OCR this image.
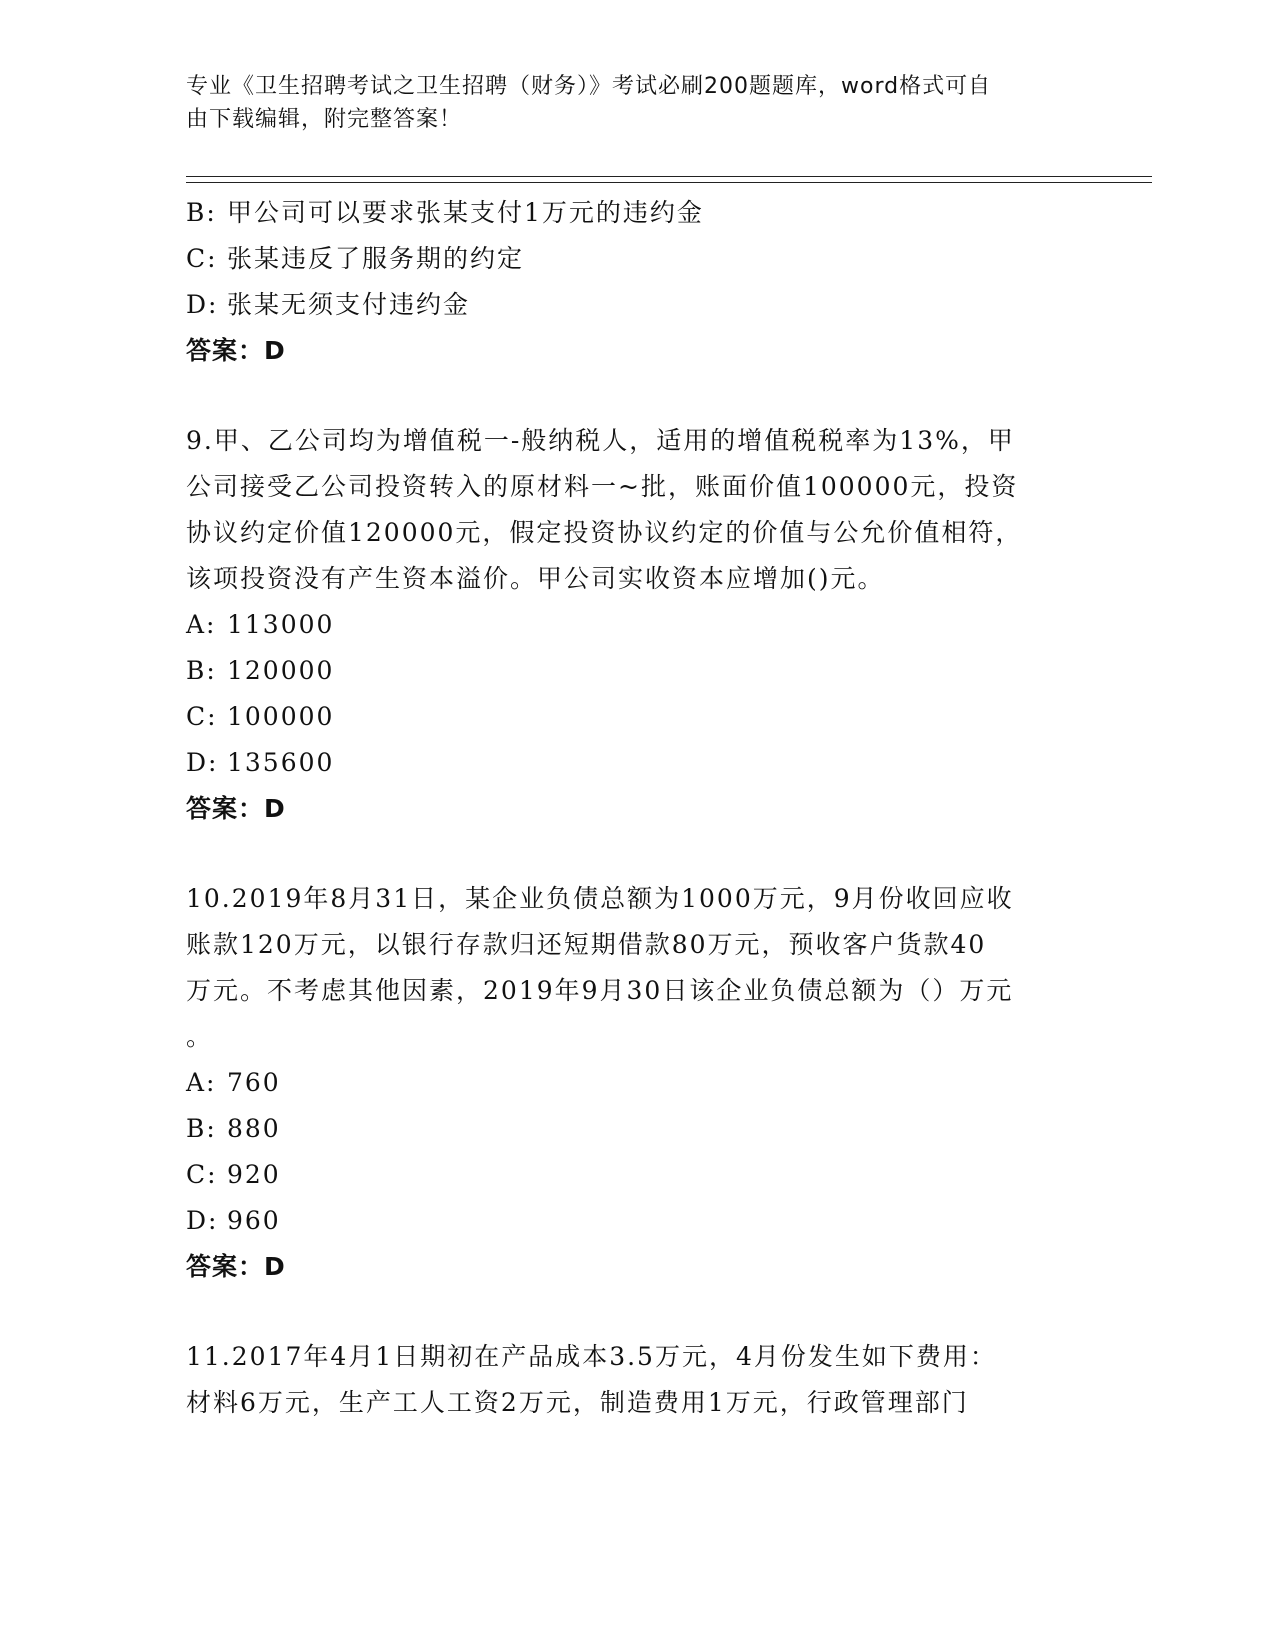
专业《卫生招聘考试之卫生招聘（财务）》考试必刷200题题库，word格式可自
由下载编辑，附完整答案！
B: 甲公司可以要求张某支付1万元的违约金
C: 张某违反了服务期的约定
D: 张某无须支付违约金
答案：D
9.甲、乙公司均为增值税一-般纳税人，适用的增值税税率为13%，甲
公司接受乙公司投资转入的原材料一~批，账面价值100000元，投资
协议约定价值120000元，假定投资协议约定的价值与公允价值相符，
该项投资没有产生资本溢价。甲公司实收资本应增加()元。
A: 113000
B: 120000
C: 100000
D: 135600
答案：D
10.2019年8月31日，某企业负债总额为1000万元，9月份收回应收
账款120万元，以银行存款归还短期借款80万元，预收客户货款40
万元。不考虑其他因素，2019年9月30日该企业负债总额为（）万元
。
A: 760
B: 880
C: 920
D: 960
答案：D
11.2017年4月1日期初在产品成本3.5万元，4月份发生如下费用：
材料6万元，生产工人工资2万元，制造费用1万元，行政管理部门
